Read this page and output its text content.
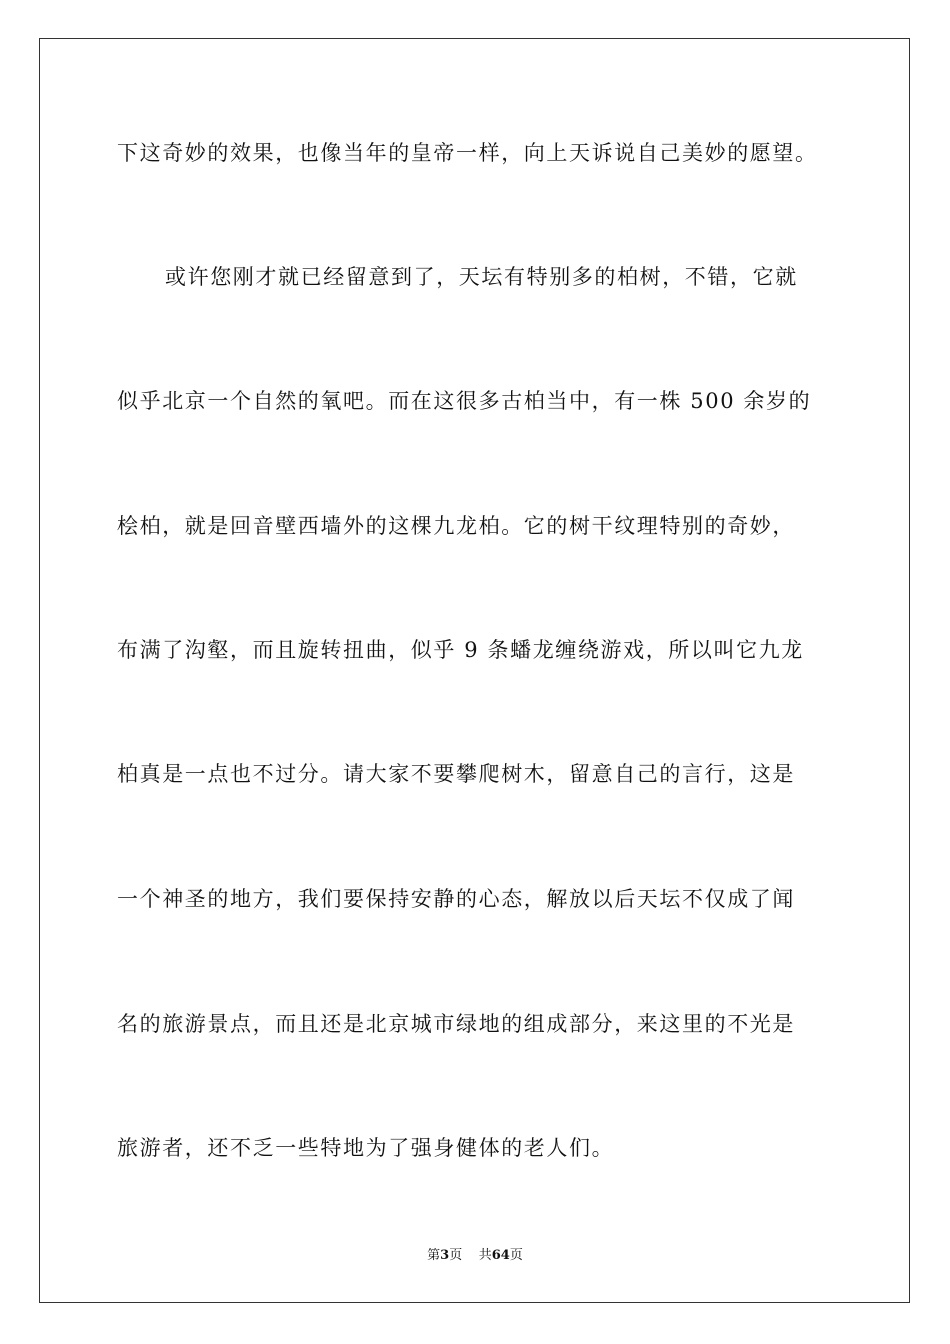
下这奇妙的效果，也像当年的皇帝一样，向上天诉说自己美妙的愿望。
或许您刚才就已经留意到了，天坛有特别多的柏树，不错，它就
似乎北京一个自然的氧吧。而在这很多古柏当中，有一株 500 余岁的
桧柏，就是回音壁西墙外的这棵九龙柏。它的树干纹理特别的奇妙，
布满了沟壑，而且旋转扭曲，似乎 9 条蟠龙缠绕游戏，所以叫它九龙
柏真是一点也不过分。请大家不要攀爬树木，留意自己的言行，这是
一个神圣的地方，我们要保持安静的心态，解放以后天坛不仅成了闻
名的旅游景点，而且还是北京城市绿地的组成部分，来这里的不光是
旅游者，还不乏一些特地为了强身健体的老人们。
第3页 共64页
